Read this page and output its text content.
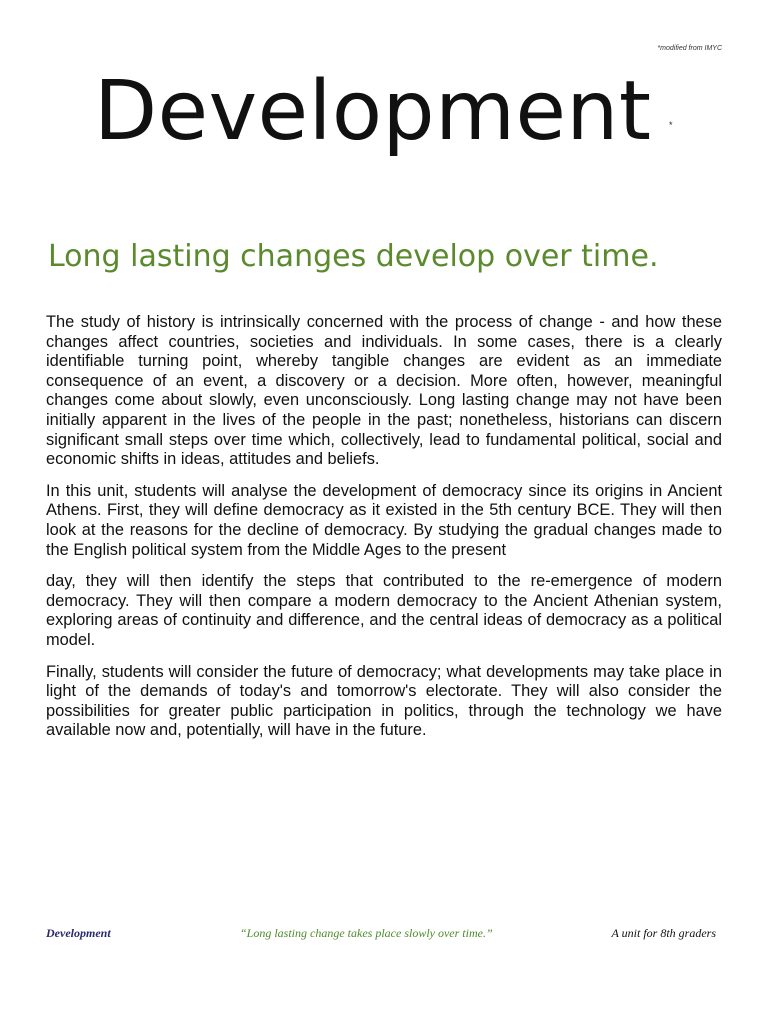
*modified from IMYC
Development *
Long lasting changes develop over time.

The study of history is intrinsically concerned with the process of change - and how these changes affect countries, societies and individuals. In some cases, there is a clearly identifiable turning point, whereby tangible changes are evident as an immediate consequence of an event, a discovery or a decision. More often, however, meaningful changes come about slowly, even unconsciously. Long lasting change may not have been initially apparent in the lives of the people in the past; nonetheless, historians can discern significant small steps over time which, collectively, lead to fundamental political, social and economic shifts in ideas, attitudes and beliefs.

In this unit, students will analyse the development of democracy since its origins in Ancient Athens. First, they will define democracy as it existed in the 5th century BCE. They will then look at the reasons for the decline of democracy. By studying the gradual changes made to the English political system from the Middle Ages to the present

day, they will then identify the steps that contributed to the re-emergence of modern democracy. They will then compare a modern democracy to the Ancient Athenian system, exploring areas of continuity and difference, and the central ideas of democracy as a political model.

Finally, students will consider the future of democracy; what developments may take place in light of the demands of today's and tomorrow's electorate. They will also consider the possibilities for greater public participation in politics, through the technology we have available now and, potentially, will have in the future.

Development	“Long lasting change takes place slowly over time.”	A unit for 8th graders
